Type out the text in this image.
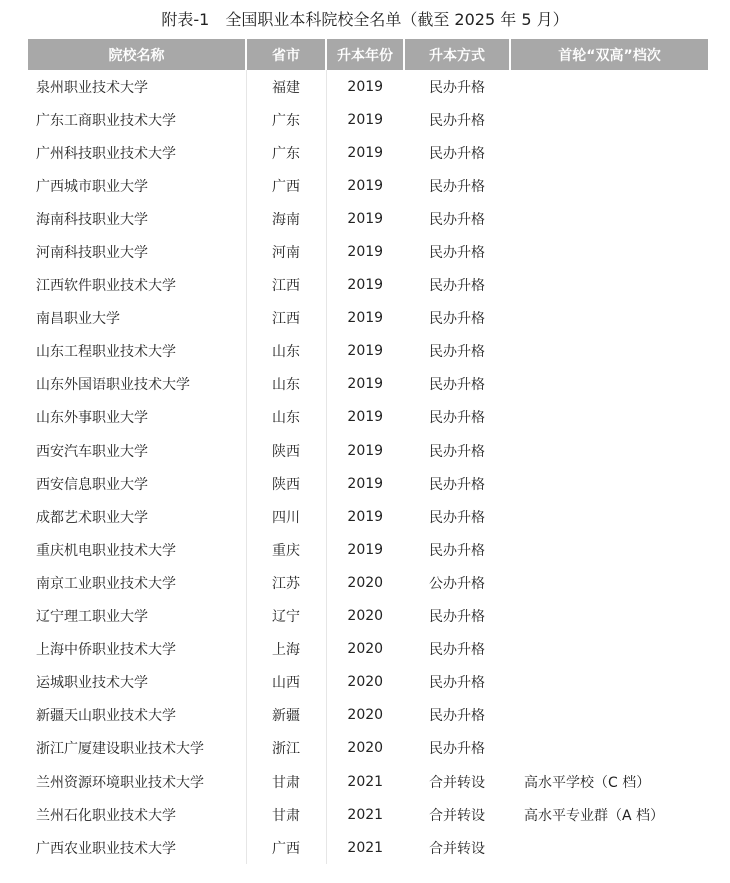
附表-1　全国职业本科院校全名单（截至 2025 年 5 月）
院校名称	省市	升本年份	升本方式	首轮“双高”档次
泉州职业技术大学	福建	2019	民办升格	
广东工商职业技术大学	广东	2019	民办升格	
广州科技职业技术大学	广东	2019	民办升格	
广西城市职业大学	广西	2019	民办升格	
海南科技职业大学	海南	2019	民办升格	
河南科技职业大学	河南	2019	民办升格	
江西软件职业技术大学	江西	2019	民办升格	
南昌职业大学	江西	2019	民办升格	
山东工程职业技术大学	山东	2019	民办升格	
山东外国语职业技术大学	山东	2019	民办升格	
山东外事职业大学	山东	2019	民办升格	
西安汽车职业大学	陕西	2019	民办升格	
西安信息职业大学	陕西	2019	民办升格	
成都艺术职业大学	四川	2019	民办升格	
重庆机电职业技术大学	重庆	2019	民办升格	
南京工业职业技术大学	江苏	2020	公办升格	
辽宁理工职业大学	辽宁	2020	民办升格	
上海中侨职业技术大学	上海	2020	民办升格	
运城职业技术大学	山西	2020	民办升格	
新疆天山职业技术大学	新疆	2020	民办升格	
浙江广厦建设职业技术大学	浙江	2020	民办升格	
兰州资源环境职业技术大学	甘肃	2021	合并转设	高水平学校（C 档）
兰州石化职业技术大学	甘肃	2021	合并转设	高水平专业群（A 档）
广西农业职业技术大学	广西	2021	合并转设	
